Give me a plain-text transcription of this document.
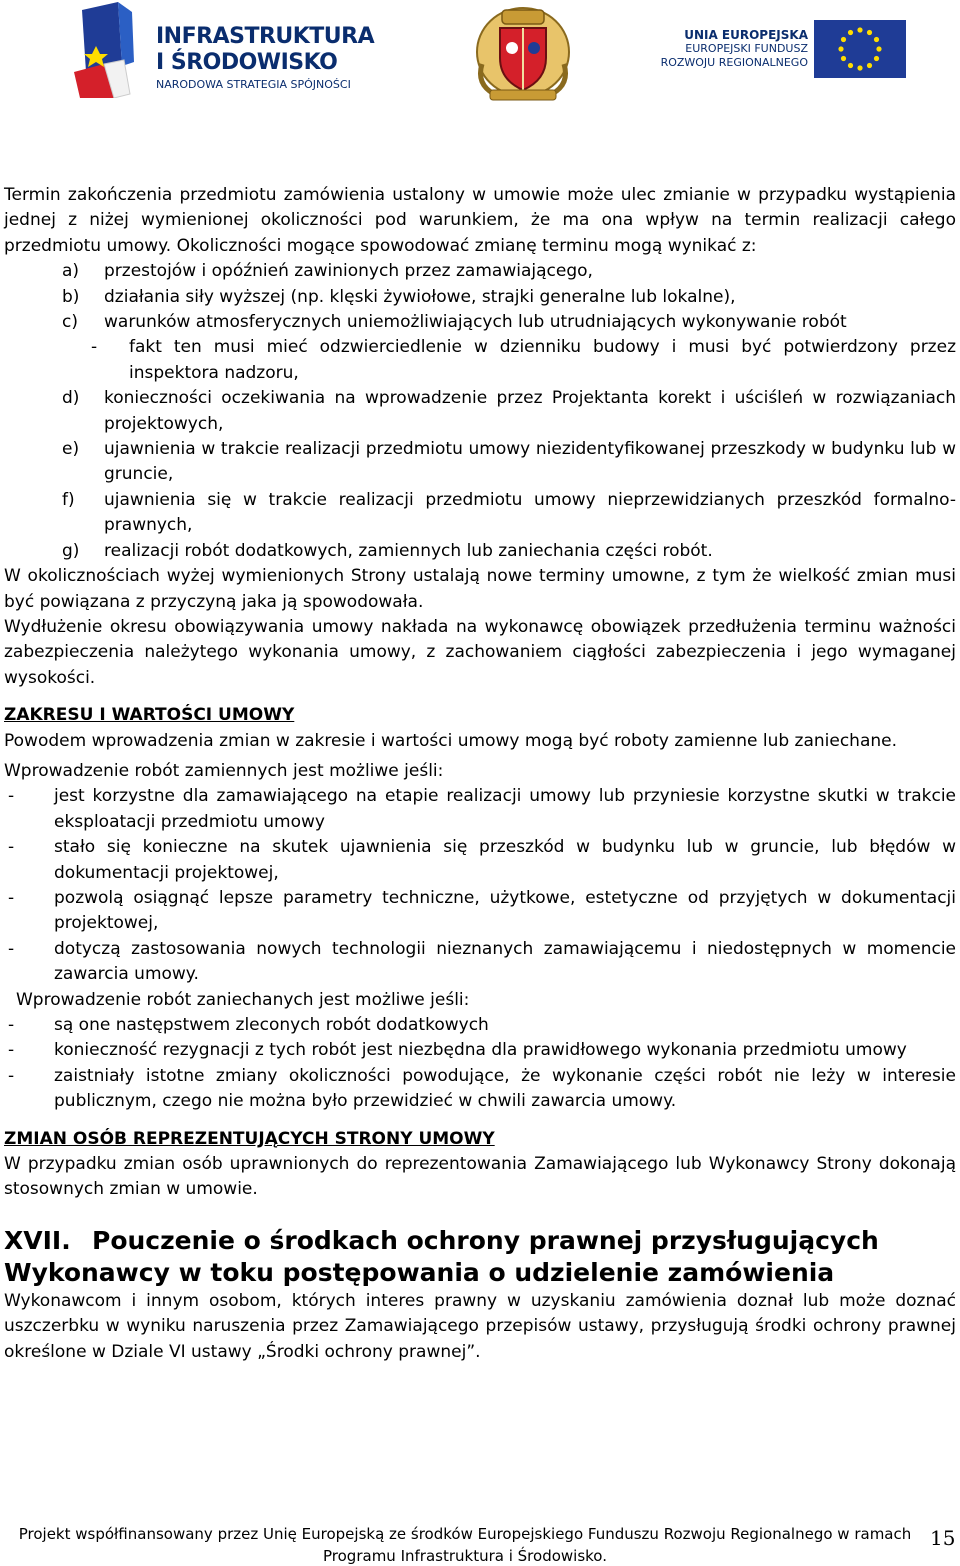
INFRASTRUKTURA
I ŚRODOWISKO
NARODOWA STRATEGIA SPÓJNOŚCI
UNIA EUROPEJSKA
EUROPEJSKI FUNDUSZ
ROZWOJU REGIONALNEGO

Termin zakończenia przedmiotu zamówienia ustalony w umowie może ulec zmianie w przypadku wystąpienia jednej z niżej wymienionej okoliczności pod warunkiem, że ma ona wpływ na termin realizacji całego przedmiotu umowy. Okoliczności mogące spowodować zmianę terminu mogą wynikać z:

a) przestojów i opóźnień zawinionych przez zamawiającego,
b) działania siły wyższej (np. klęski żywiołowe, strajki generalne lub lokalne),
c) warunków atmosferycznych uniemożliwiających lub utrudniających wykonywanie robót
- fakt ten musi mieć odzwierciedlenie w dzienniku budowy i musi być potwierdzony przez inspektora nadzoru,
d) konieczności oczekiwania na wprowadzenie przez Projektanta korekt i uściśleń w rozwiązaniach projektowych,
e) ujawnienia w trakcie realizacji przedmiotu umowy niezidentyfikowanej przeszkody w budynku lub w gruncie,
f) ujawnienia się w trakcie realizacji przedmiotu umowy nieprzewidzianych przeszkód formalno-prawnych,
g) realizacji robót dodatkowych, zamiennych lub zaniechania części robót.

W okolicznościach wyżej wymienionych Strony ustalają nowe terminy umowne, z tym że wielkość zmian musi być powiązana z przyczyną jaka ją spowodowała.

Wydłużenie okresu obowiązywania umowy nakłada na wykonawcę obowiązek przedłużenia terminu ważności zabezpieczenia należytego wykonania umowy, z zachowaniem ciągłości zabezpieczenia i jego wymaganej wysokości.

ZAKRESU I WARTOŚCI UMOWY

Powodem wprowadzenia zmian w zakresie i wartości umowy mogą być roboty zamienne lub zaniechane.

Wprowadzenie robót zamiennych jest możliwe jeśli:

- jest korzystne dla zamawiającego na etapie realizacji umowy lub przyniesie korzystne skutki w trakcie eksploatacji przedmiotu umowy
- stało się konieczne na skutek ujawnienia się przeszkód w budynku lub w gruncie, lub błędów w dokumentacji projektowej,
- pozwolą osiągnąć lepsze parametry techniczne, użytkowe, estetyczne od przyjętych w dokumentacji projektowej,
- dotyczą zastosowania nowych technologii nieznanych zamawiającemu i niedostępnych w momencie zawarcia umowy.

Wprowadzenie robót zaniechanych jest możliwe jeśli:

- są one następstwem zleconych robót dodatkowych
- konieczność rezygnacji z tych robót jest niezbędna dla prawidłowego wykonania przedmiotu umowy
- zaistniały istotne zmiany okoliczności powodujące, że wykonanie części robót nie leży w interesie publicznym, czego nie można było przewidzieć w chwili zawarcia umowy.

ZMIAN OSÓB REPREZENTUJĄCYCH STRONY UMOWY

W przypadku zmian osób uprawnionych do reprezentowania Zamawiającego lub Wykonawcy Strony dokonają stosownych zmian w umowie.

XVII. Pouczenie o środkach ochrony prawnej przysługujących

Wykonawcy w toku postępowania o udzielenie zamówienia

Wykonawcom i innym osobom, których interes prawny w uzyskaniu zamówienia doznał lub może doznać uszczerbku w wyniku naruszenia przez Zamawiającego przepisów ustawy, przysługują środki ochrony prawnej określone w Dziale VI ustawy „Środki ochrony prawnej”.

Projekt współfinansowany przez Unię Europejską ze środków Europejskiego Funduszu Rozwoju Regionalnego w ramach
Programu Infrastruktura i Środowisko.
15
